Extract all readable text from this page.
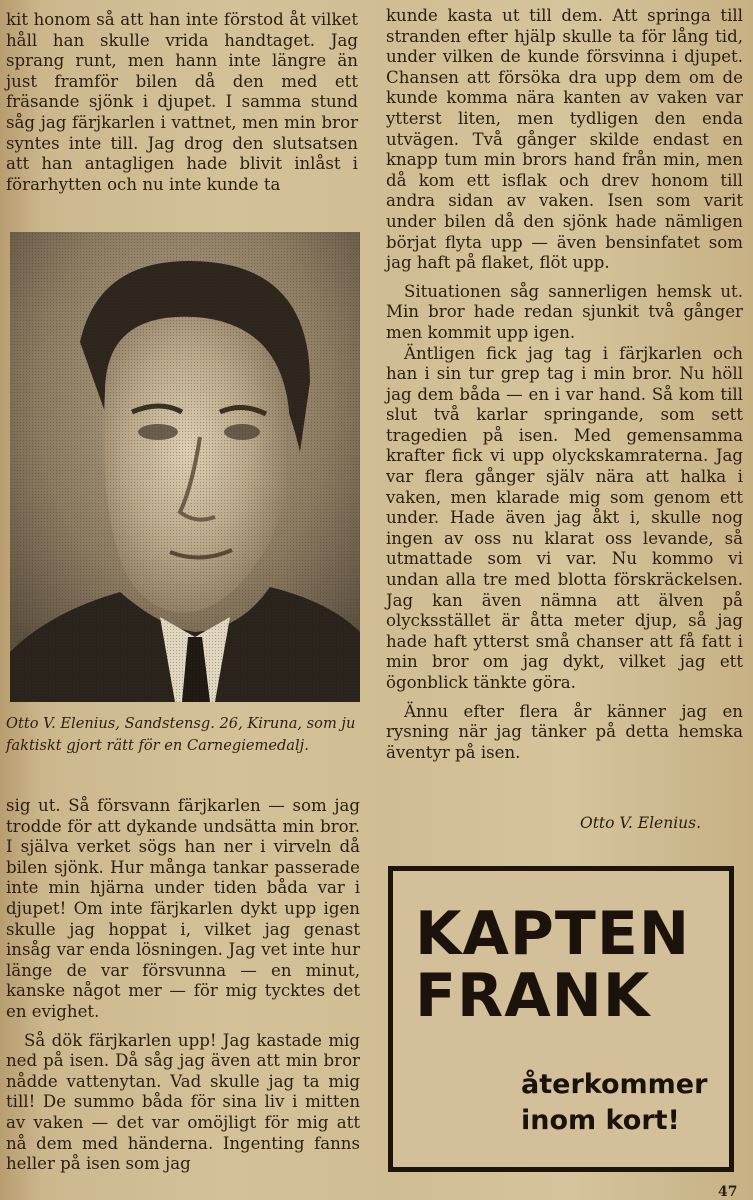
kit honom så att han inte förstod åt vilket håll han skulle vrida handtaget. Jag sprang runt, men hann inte längre än just framför bilen då den med ett fräsande sjönk i djupet. I samma stund såg jag färjkarlen i vattnet, men min bror syntes inte till. Jag drog den slutsatsen att han antagligen hade blivit inlåst i förarhytten och nu inte kunde ta

Otto V. Elenius, Sandstensg. 26, Kiruna, som ju faktiskt gjort rätt för en Carnegiemedalj.

sig ut. Så försvann färjkarlen — som jag trodde för att dykande undsätta min bror. I själva verket sögs han ner i virveln då bilen sjönk. Hur många tankar passerade inte min hjärna under tiden båda var i djupet! Om inte färjkarlen dykt upp igen skulle jag hoppat i, vilket jag genast insåg var enda lösningen. Jag vet inte hur länge de var försvunna — en minut, kanske något mer — för mig tycktes det en evighet.

Så dök färjkarlen upp! Jag kastade mig ned på isen. Då såg jag även att min bror nådde vattenytan. Vad skulle jag ta mig till! De summo båda för sina liv i mitten av vaken — det var omöjligt för mig att nå dem med händerna. Ingenting fanns heller på isen som jag

kunde kasta ut till dem. Att springa till stranden efter hjälp skulle ta för lång tid, under vilken de kunde försvinna i djupet. Chansen att försöka dra upp dem om de kunde komma nära kanten av vaken var ytterst liten, men tydligen den enda utvägen. Två gånger skilde endast en knapp tum min brors hand från min, men då kom ett isflak och drev honom till andra sidan av vaken. Isen som varit under bilen då den sjönk hade nämligen börjat flyta upp — även bensinfatet som jag haft på flaket, flöt upp.

Situationen såg sannerligen hemsk ut. Min bror hade redan sjunkit två gånger men kommit upp igen.

Äntligen fick jag tag i färjkarlen och han i sin tur grep tag i min bror. Nu höll jag dem båda — en i var hand. Så kom till slut två karlar springande, som sett tragedien på isen. Med gemensamma krafter fick vi upp olyckskamraterna. Jag var flera gånger själv nära att halka i vaken, men klarade mig som genom ett under. Hade även jag åkt i, skulle nog ingen av oss nu klarat oss levande, så utmattade som vi var. Nu kommo vi undan alla tre med blotta förskräckelsen. Jag kan även nämna att älven på olycksstället är åtta meter djup, så jag hade haft ytterst små chanser att få fatt i min bror om jag dykt, vilket jag ett ögonblick tänkte göra.

Ännu efter flera år känner jag en rysning när jag tänker på detta hemska äventyr på isen.

Otto V. Elenius.
KAPTEN
FRANK
återkommer
inom kort!
47
